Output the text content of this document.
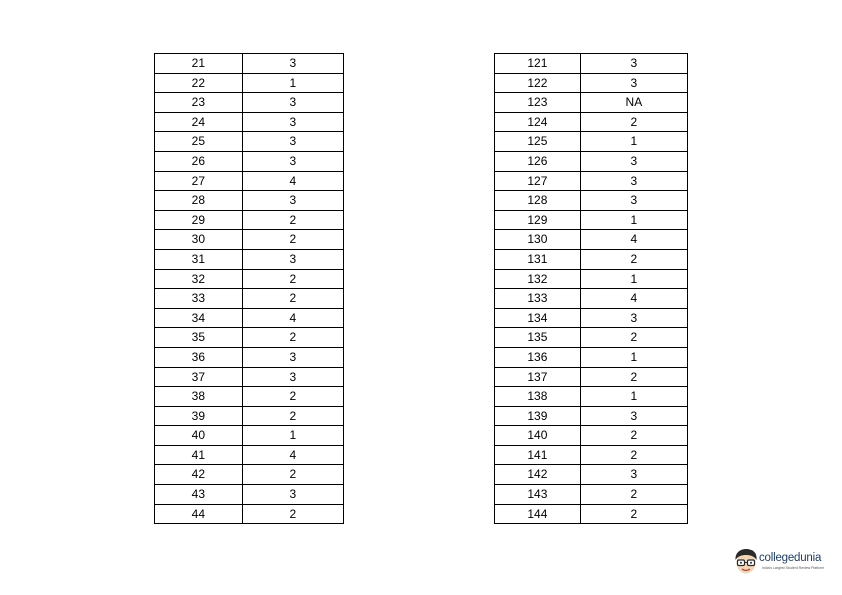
21	3
22	1
23	3
24	3
25	3
26	3
27	4
28	3
29	2
30	2
31	3
32	2
33	2
34	4
35	2
36	3
37	3
38	2
39	2
40	1
41	4
42	2
43	3
44	2
121	3
122	3
123	NA
124	2
125	1
126	3
127	3
128	3
129	1
130	4
131	2
132	1
133	4
134	3
135	2
136	1
137	2
138	1
139	3
140	2
141	2
142	3
143	2
144	2
collegedunia
India's Largest Student Review Platform
